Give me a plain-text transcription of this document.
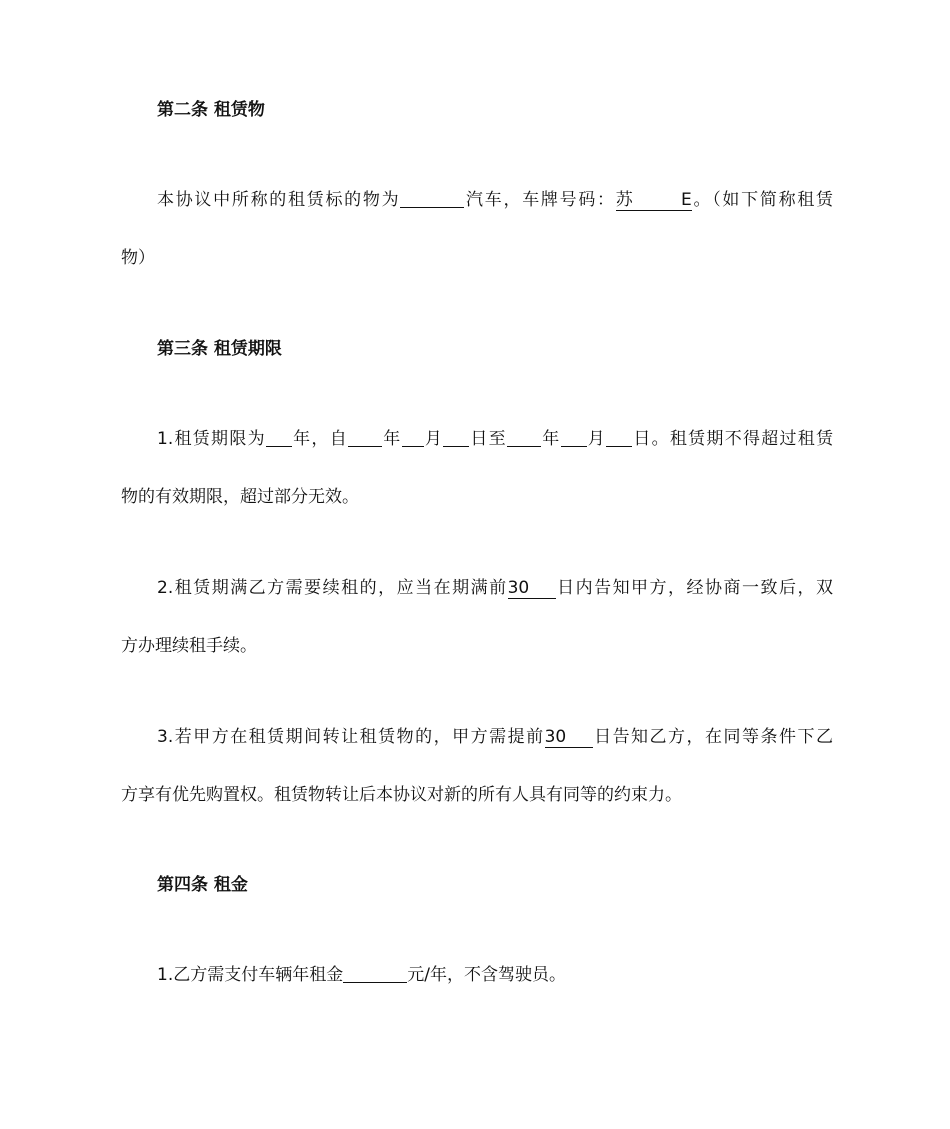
第二条 租赁物
本协议中所称的租赁标的物为	汽车，车牌号码：苏 E。（如下简称租赁
物）
第三条 租赁期限
1.租赁期限为 年，自 年 月 日至 年 月 日。租赁期不得超过租赁
物的有效期限，超过部分无效。
2.租赁期满乙方需要续租的，应当在期满前30 日内告知甲方，经协商一致后，双
方办理续租手续。
3.若甲方在租赁期间转让租赁物的，甲方需提前30 日告知乙方，在同等条件下乙
方享有优先购置权。租赁物转让后本协议对新的所有人具有同等的约束力。
第四条 租金
1.乙方需支付车辆年租金	元/年，不含驾驶员。
